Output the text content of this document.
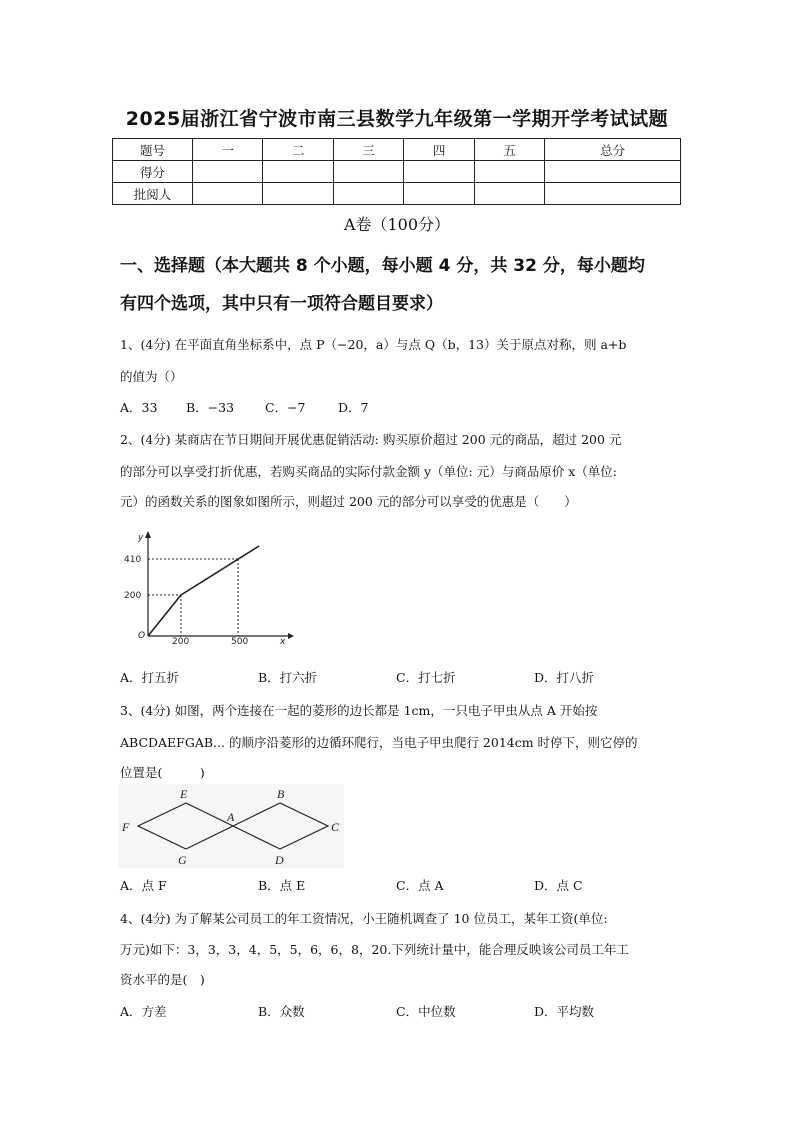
2025届浙江省宁波市南三县数学九年级第一学期开学考试试题
题号	一	二	三	四	五	总分
得分						
批阅人						
A卷（100分）
一、选择题（本大题共 8 个小题，每小题 4 分，共 32 分，每小题均
有四个选项，其中只有一项符合题目要求）
1、(4分) 在平面直角坐标系中，点 P（−20，a）与点 Q（b，13）关于原点对称，则 a+b
的值为（）
A．33 B．−33 C．−7	D．7
2、(4分) 某商店在节日期间开展优惠促销活动: 购买原价超过 200 元的商品，超过 200 元
的部分可以享受打折优惠，若购买商品的实际付款金额 y（单位: 元）与商品原价 x（单位:
元）的函数关系的图象如图所示，则超过 200 元的部分可以享受的优惠是（　　）
y
x
O
410
200
200	500
A．打五折	B．打六折	C．打七折	D．打八折
3、(4分) 如图，两个连接在一起的菱形的边长都是 1cm，一只电子甲虫从点 A 开始按
ABCDAEFGAB... 的顺序沿菱形的边循环爬行，当电子甲虫爬行 2014cm 时停下，则它停的
位置是(　　　)
E	B
F
A
C
G	D
A．点 F	B．点 E	C．点 A	D．点 C
4、(4分) 为了解某公司员工的年工资情况，小王随机调查了 10 位员工，某年工资(单位:
万元)如下：3，3，3，4，5，5，6，6，8，20.下列统计量中，能合理反映该公司员工年工
资水平的是(　)
A．方差	B．众数	C．中位数	D．平均数
